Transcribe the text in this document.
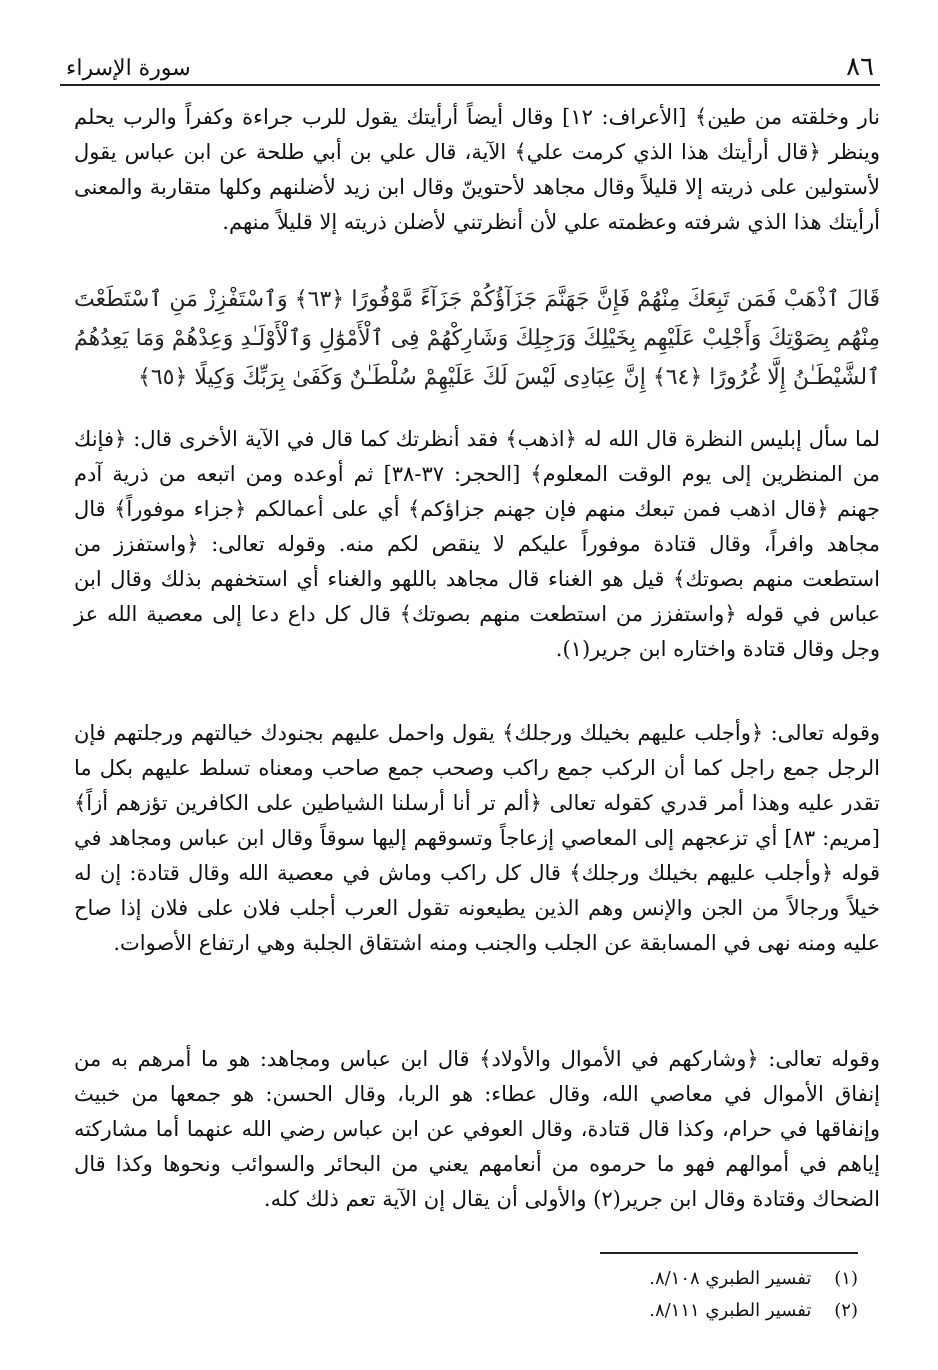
٨٦
سورة الإسراء

نار وخلقته من طين﴾ [الأعراف: ١٢] وقال أيضاً أرأيتك يقول للرب جراءة وكفراً والرب يحلم وينظر ﴿قال أرأيتك هذا الذي كرمت علي﴾ الآية، قال علي بن أبي طلحة عن ابن عباس يقول لأستولين على ذريته إلا قليلاً وقال مجاهد لأحتوينّ وقال ابن زيد لأضلنهم وكلها متقاربة والمعنى أرأيتك هذا الذي شرفته وعظمته علي لأن أنظرتني لأضلن ذريته إلا قليلاً منهم.

قَالَ ٱذْهَبْ فَمَن تَبِعَكَ مِنْهُمْ فَإِنَّ جَهَنَّمَ جَزَآؤُكُمْ جَزَآءً مَّوْفُورًا ﴿٦٣﴾ وَٱسْتَفْزِزْ مَنِ ٱسْتَطَعْتَ مِنْهُم بِصَوْتِكَ وَأَجْلِبْ عَلَيْهِم بِخَيْلِكَ وَرَجِلِكَ وَشَارِكْهُمْ فِى ٱلْأَمْوَٰلِ وَٱلْأَوْلَـٰدِ وَعِدْهُمْ وَمَا يَعِدُهُمُ ٱلشَّيْطَـٰنُ إِلَّا غُرُورًا ﴿٦٤﴾ إِنَّ عِبَادِى لَيْسَ لَكَ عَلَيْهِمْ سُلْطَـٰنٌ وَكَفَىٰ بِرَبِّكَ وَكِيلًا ﴿٦٥﴾

لما سأل إبليس النظرة قال الله له ﴿اذهب﴾ فقد أنظرتك كما قال في الآية الأخرى قال: ﴿فإنك من المنظرين إلى يوم الوقت المعلوم﴾ [الحجر: ٣٧-٣٨] ثم أوعده ومن اتبعه من ذرية آدم جهنم ﴿قال اذهب فمن تبعك منهم فإن جهنم جزاؤكم﴾ أي على أعمالكم ﴿جزاء موفوراً﴾ قال مجاهد وافراً، وقال قتادة موفوراً عليكم لا ينقص لكم منه. وقوله تعالى: ﴿واستفزز من استطعت منهم بصوتك﴾ قيل هو الغناء قال مجاهد باللهو والغناء أي استخفهم بذلك وقال ابن عباس في قوله ﴿واستفزز من استطعت منهم بصوتك﴾ قال كل داع دعا إلى معصية الله عز وجل وقال قتادة واختاره ابن جرير(١).

وقوله تعالى: ﴿وأجلب عليهم بخيلك ورجلك﴾ يقول واحمل عليهم بجنودك خيالتهم ورجلتهم فإن الرجل جمع راجل كما أن الركب جمع راكب وصحب جمع صاحب ومعناه تسلط عليهم بكل ما تقدر عليه وهذا أمر قدري كقوله تعالى ﴿ألم تر أنا أرسلنا الشياطين على الكافرين تؤزهم أزاً﴾ [مريم: ٨٣] أي تزعجهم إلى المعاصي إزعاجاً وتسوقهم إليها سوقاً وقال ابن عباس ومجاهد في قوله ﴿وأجلب عليهم بخيلك ورجلك﴾ قال كل راكب وماش في معصية الله وقال قتادة: إن له خيلاً ورجالاً من الجن والإنس وهم الذين يطيعونه تقول العرب أجلب فلان على فلان إذا صاح عليه ومنه نهى في المسابقة عن الجلب والجنب ومنه اشتقاق الجلبة وهي ارتفاع الأصوات.

وقوله تعالى: ﴿وشاركهم في الأموال والأولاد﴾ قال ابن عباس ومجاهد: هو ما أمرهم به من إنفاق الأموال في معاصي الله، وقال عطاء: هو الربا، وقال الحسن: هو جمعها من خبيث وإنفاقها في حرام، وكذا قال قتادة، وقال العوفي عن ابن عباس رضي الله عنهما أما مشاركته إياهم في أموالهم فهو ما حرموه من أنعامهم يعني من البحائر والسوائب ونحوها وكذا قال الضحاك وقتادة وقال ابن جرير(٢) والأولى أن يقال إن الآية تعم ذلك كله.

(١)    تفسير الطبري ٨/١٠٨.
(٢)    تفسير الطبري ٨/١١١.
